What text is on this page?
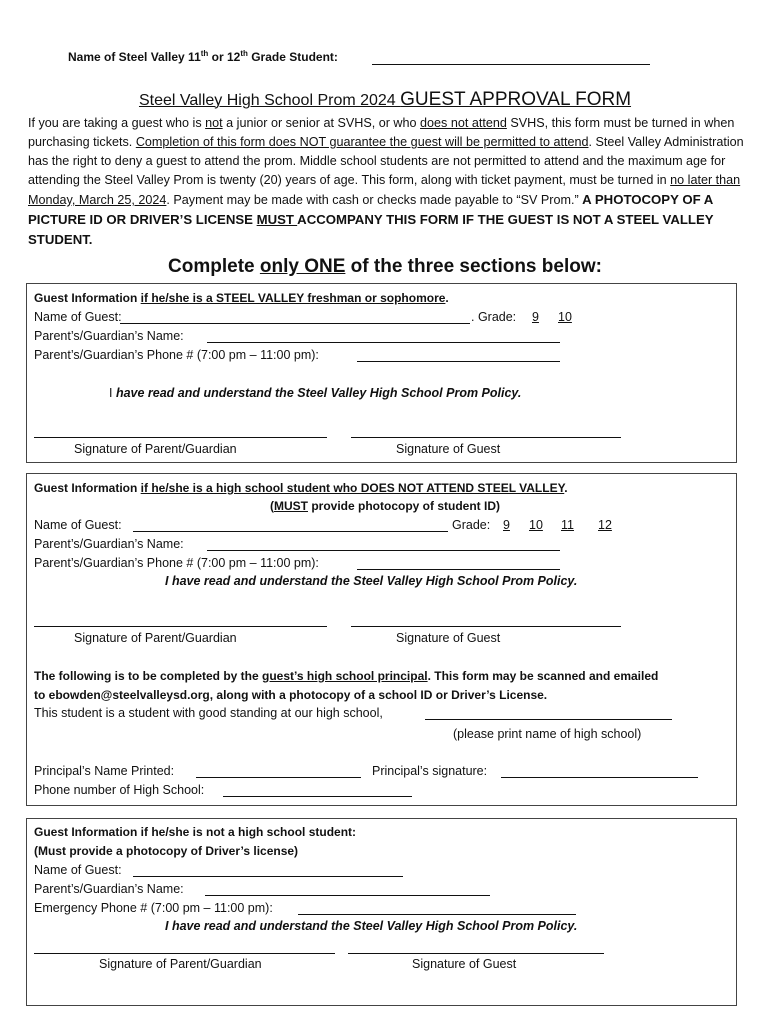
Name of Steel Valley 11th or 12th Grade Student:
Steel Valley High School Prom 2024 GUEST APPROVAL FORM
If you are taking a guest who is not a junior or senior at SVHS, or who does not attend SVHS, this form must be turned in when purchasing tickets. Completion of this form does NOT guarantee the guest will be permitted to attend. Steel Valley Administration has the right to deny a guest to attend the prom. Middle school students are not permitted to attend and the maximum age for attending the Steel Valley Prom is twenty (20) years of age. This form, along with ticket payment, must be turned in no later than Monday, March 25, 2024. Payment may be made with cash or checks made payable to “SV Prom.” A PHOTOCOPY OF A PICTURE ID OR DRIVER’S LICENSE MUST ACCOMPANY THIS FORM IF THE GUEST IS NOT A STEEL VALLEY STUDENT.
Complete only ONE of the three sections below:
Guest Information if he/she is a STEEL VALLEY freshman or sophomore.
Name of Guest:	. Grade: 9 10
Parent’s/Guardian’s Name:
Parent’s/Guardian’s Phone # (7:00 pm – 11:00 pm):
I have read and understand the Steel Valley High School Prom Policy.
Signature of Parent/Guardian	Signature of Guest
Guest Information if he/she is a high school student who DOES NOT ATTEND STEEL VALLEY.
(MUST provide photocopy of student ID)
Name of Guest:	Grade: 9 10 11 12
Parent’s/Guardian’s Name:
Parent’s/Guardian’s Phone # (7:00 pm – 11:00 pm):
I have read and understand the Steel Valley High School Prom Policy.
Signature of Parent/Guardian	Signature of Guest
The following is to be completed by the guest’s high school principal. This form may be scanned and emailed
to ebowden@steelvalleysd.org, along with a photocopy of a school ID or Driver’s License.
This student is a student with good standing at our high school,
(please print name of high school)
Principal’s Name Printed:	Principal’s signature:
Phone number of High School:
Guest Information if he/she is not a high school student:
(Must provide a photocopy of Driver’s license)
Name of Guest:
Parent’s/Guardian’s Name:
Emergency Phone # (7:00 pm – 11:00 pm):
I have read and understand the Steel Valley High School Prom Policy.
Signature of Parent/Guardian	Signature of Guest
